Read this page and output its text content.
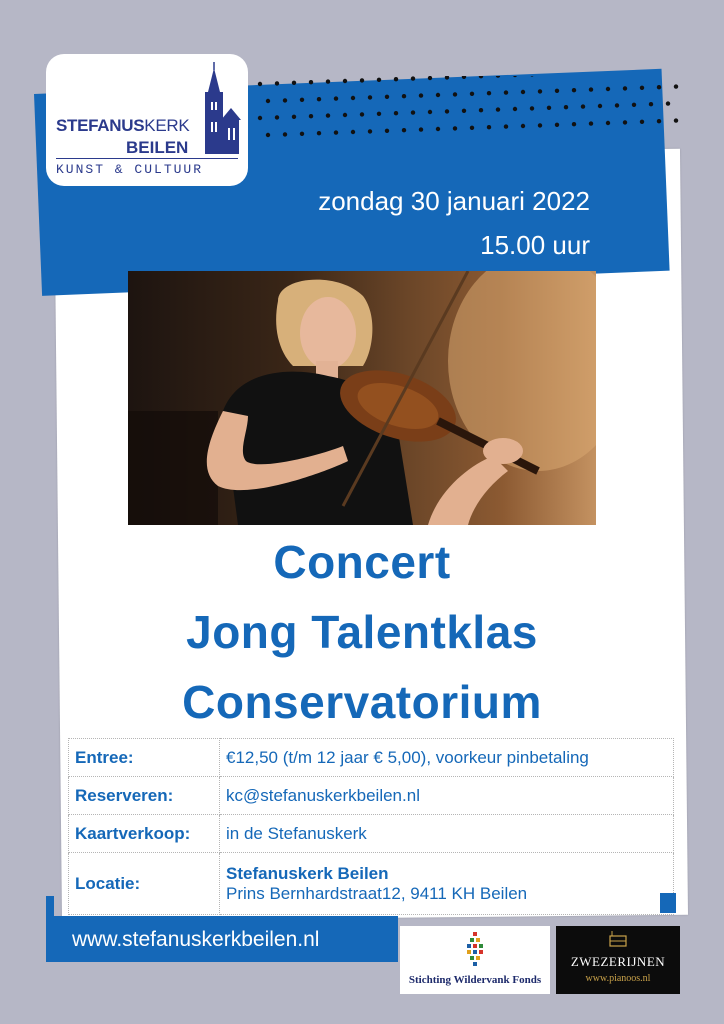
STEFANUSKERK
BEILEN
KUNST & CULTUUR
zondag 30 januari 2022
15.00 uur
Concert
Jong Talentklas
Conservatorium
Entree:	€12,50 (t/m 12 jaar € 5,00), voorkeur pinbetaling
Reserveren:	kc@stefanuskerkbeilen.nl
Kaartverkoop:	in de Stefanuskerk
Locatie:	Stefanuskerk Beilen
Prins Bernhardstraat12, 9411 KH Beilen
www.stefanuskerkbeilen.nl
Stichting Wildervank Fonds
ZWEZERIJNEN
www.pianoos.nl
